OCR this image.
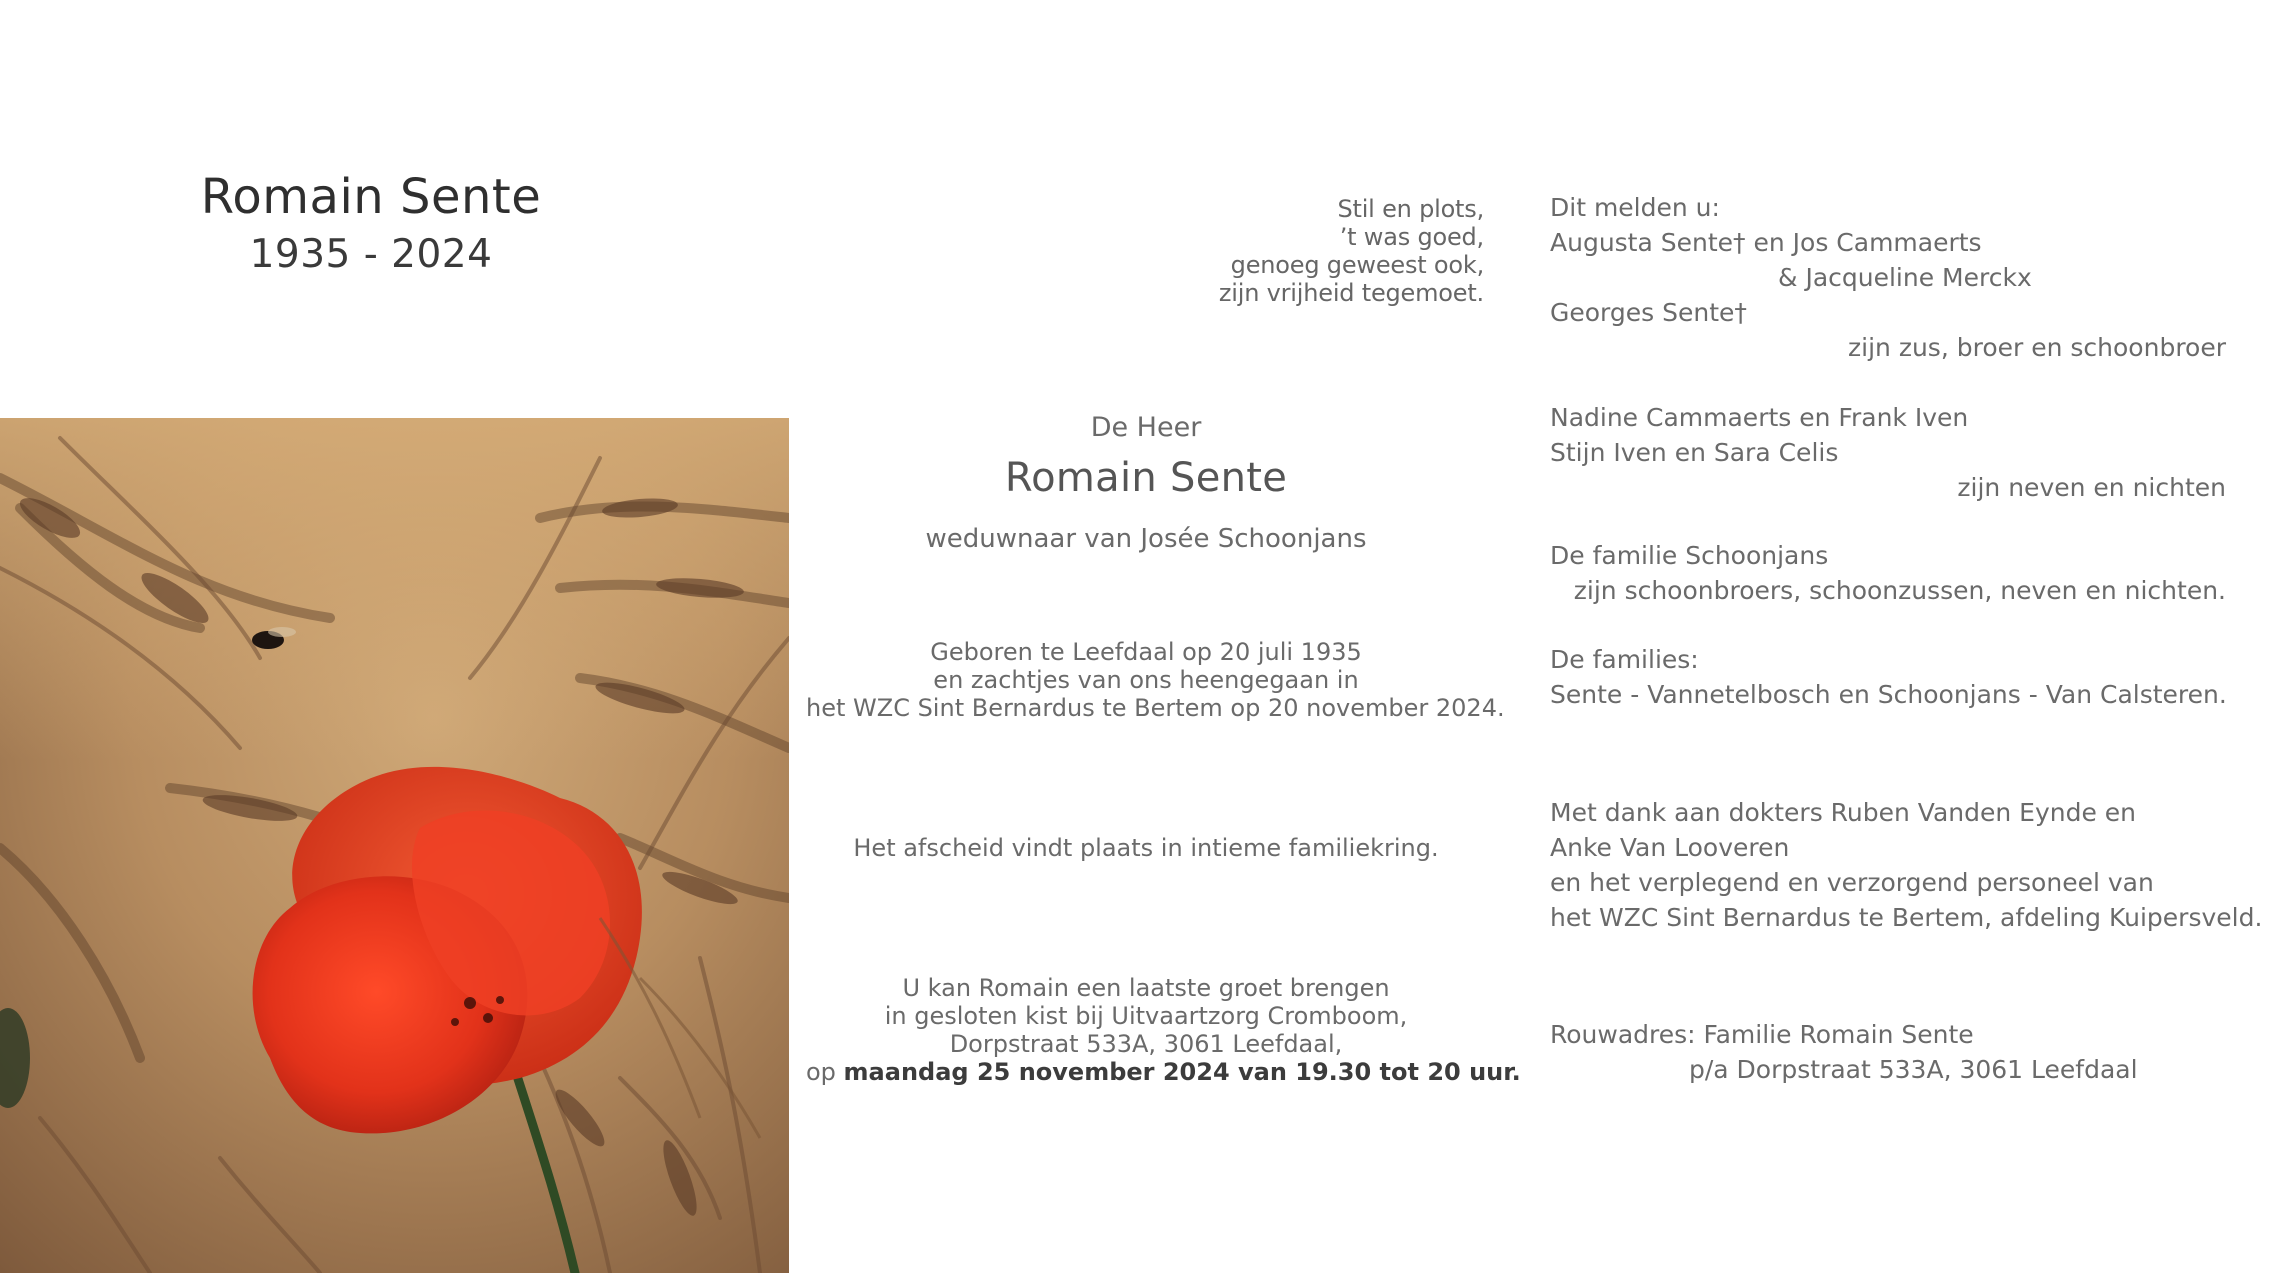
Romain Sente
1935 - 2024
Stil en plots,
’t was goed,
genoeg geweest ook,
zijn vrijheid tegemoet.
De Heer
Romain Sente
weduwnaar van Josée Schoonjans
Geboren te Leefdaal op 20 juli 1935
en zachtjes van ons heengegaan in
het WZC Sint Bernardus te Bertem op 20 november 2024.
Het afscheid vindt plaats in intieme familiekring.
U kan Romain een laatste groet brengen
in gesloten kist bij Uitvaartzorg Cromboom,
Dorpstraat 533A, 3061 Leefdaal,
op maandag 25 november 2024 van 19.30 tot 20 uur.
Dit melden u:
Augusta Sente† en Jos Cammaerts
& Jacqueline Merckx
Georges Sente†
zijn zus, broer en schoonbroer
Nadine Cammaerts en Frank Iven
Stijn Iven en Sara Celis
zijn neven en nichten
De familie Schoonjans
zijn schoonbroers, schoonzussen, neven en nichten.
De families:
Sente - Vannetelbosch en Schoonjans - Van Calsteren.
Met dank aan dokters Ruben Vanden Eynde en
Anke Van Looveren
en het verplegend en verzorgend personeel van
het WZC Sint Bernardus te Bertem, afdeling Kuipersveld.
Rouwadres: Familie Romain Sente
p/a Dorpstraat 533A, 3061 Leefdaal
